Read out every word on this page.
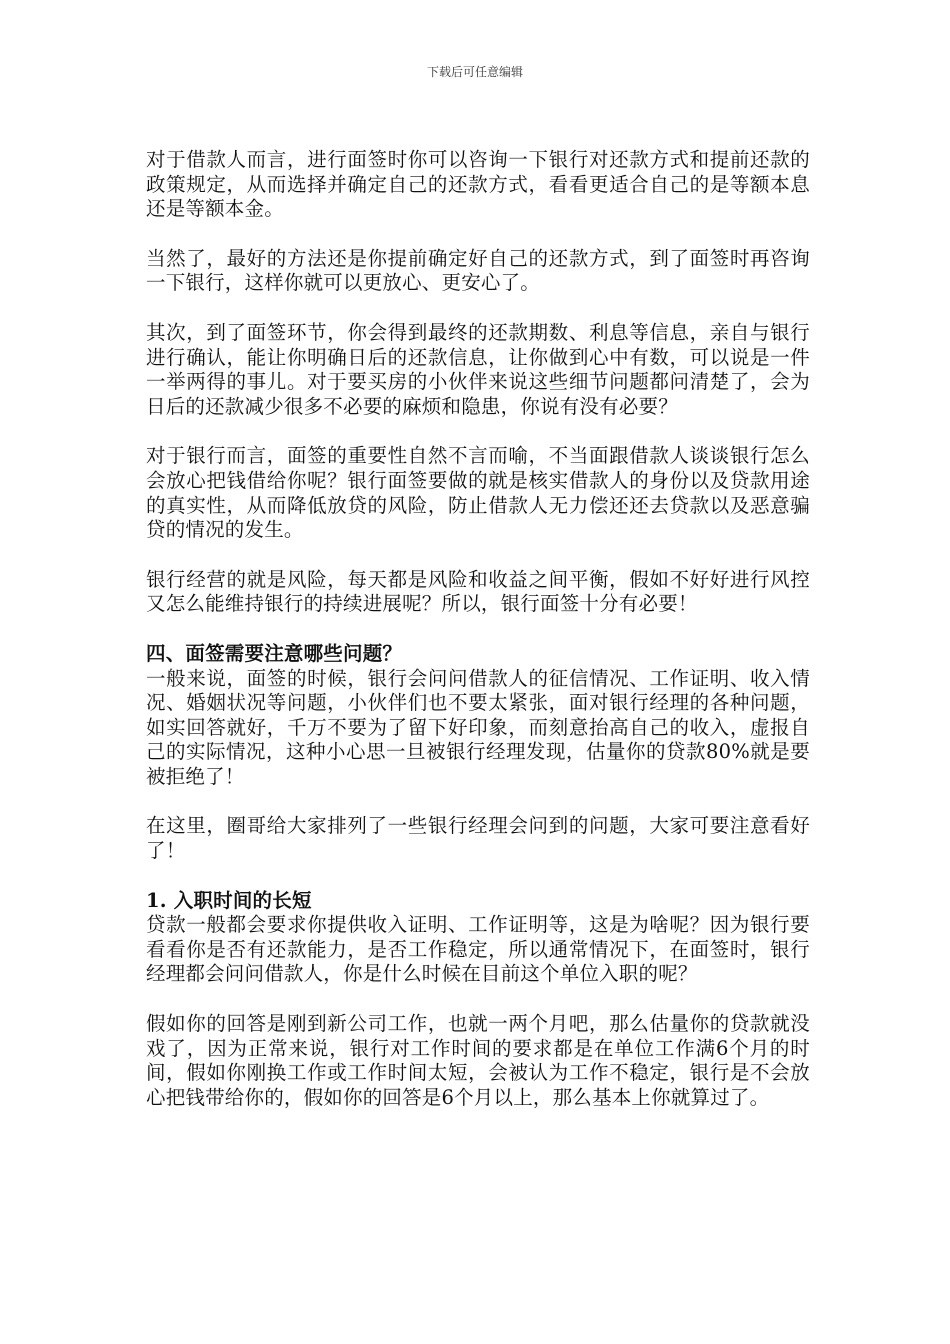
下载后可任意编辑

对于借款人而言，进行面签时你可以咨询一下银行对还款方式和提前还款的政策规定，从而选择并确定自己的还款方式，看看更适合自己的是等额本息还是等额本金。

当然了，最好的方法还是你提前确定好自己的还款方式，到了面签时再咨询一下银行，这样你就可以更放心、更安心了。

其次，到了面签环节，你会得到最终的还款期数、利息等信息，亲自与银行进行确认，能让你明确日后的还款信息，让你做到心中有数，可以说是一件一举两得的事儿。对于要买房的小伙伴来说这些细节问题都问清楚了，会为日后的还款减少很多不必要的麻烦和隐患，你说有没有必要？

对于银行而言，面签的重要性自然不言而喻，不当面跟借款人谈谈银行怎么会放心把钱借给你呢？银行面签要做的就是核实借款人的身份以及贷款用途的真实性，从而降低放贷的风险，防止借款人无力偿还还去贷款以及恶意骗贷的情况的发生。

银行经营的就是风险，每天都是风险和收益之间平衡，假如不好好进行风控又怎么能维持银行的持续进展呢？所以，银行面签十分有必要！

四、面签需要注意哪些问题？

一般来说，面签的时候，银行会问问借款人的征信情况、工作证明、收入情况、婚姻状况等问题，小伙伴们也不要太紧张，面对银行经理的各种问题，如实回答就好，千万不要为了留下好印象，而刻意抬高自己的收入，虚报自己的实际情况，这种小心思一旦被银行经理发现，估量你的贷款80%就是要被拒绝了！

在这里，圈哥给大家排列了一些银行经理会问到的问题，大家可要注意看好了！

1. 入职时间的长短

贷款一般都会要求你提供收入证明、工作证明等，这是为啥呢？因为银行要看看你是否有还款能力，是否工作稳定，所以通常情况下，在面签时，银行经理都会问问借款人，你是什么时候在目前这个单位入职的呢？

假如你的回答是刚到新公司工作，也就一两个月吧，那么估量你的贷款就没戏了，因为正常来说，银行对工作时间的要求都是在单位工作满6个月的时间，假如你刚换工作或工作时间太短，会被认为工作不稳定，银行是不会放心把钱带给你的，假如你的回答是6个月以上，那么基本上你就算过了。
